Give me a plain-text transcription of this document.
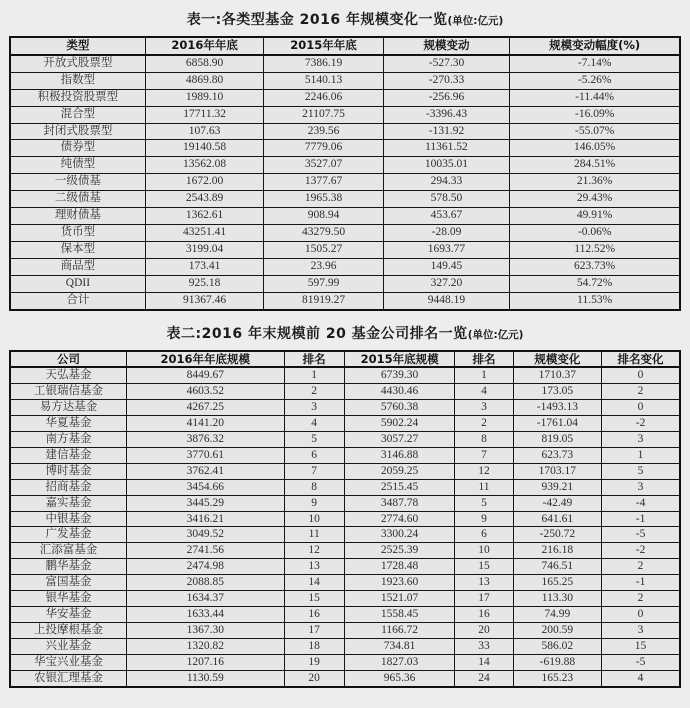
表一:各类型基金 2016 年规模变化一览(单位:亿元)
类型	2016年年底	2015年年底	规模变动	规模变动幅度(%)
开放式股票型	6858.90	7386.19	-527.30	-7.14%
指数型	4869.80	5140.13	-270.33	-5.26%
积极投资股票型	1989.10	2246.06	-256.96	-11.44%
混合型	17711.32	21107.75	-3396.43	-16.09%
封闭式股票型	107.63	239.56	-131.92	-55.07%
债券型	19140.58	7779.06	11361.52	146.05%
纯债型	13562.08	3527.07	10035.01	284.51%
一级债基	1672.00	1377.67	294.33	21.36%
二级债基	2543.89	1965.38	578.50	29.43%
理财债基	1362.61	908.94	453.67	49.91%
货币型	43251.41	43279.50	-28.09	-0.06%
保本型	3199.04	1505.27	1693.77	112.52%
商品型	173.41	23.96	149.45	623.73%
QDII	925.18	597.99	327.20	54.72%
合计	91367.46	81919.27	9448.19	11.53%
表二:2016 年末规模前 20 基金公司排名一览(单位:亿元)
公司	2016年年底规模	排名	2015年底规模	排名	规模变化	排名变化
天弘基金	8449.67	1	6739.30	1	1710.37	0
工银瑞信基金	4603.52	2	4430.46	4	173.05	2
易方达基金	4267.25	3	5760.38	3	-1493.13	0
华夏基金	4141.20	4	5902.24	2	-1761.04	-2
南方基金	3876.32	5	3057.27	8	819.05	3
建信基金	3770.61	6	3146.88	7	623.73	1
博时基金	3762.41	7	2059.25	12	1703.17	5
招商基金	3454.66	8	2515.45	11	939.21	3
嘉实基金	3445.29	9	3487.78	5	-42.49	-4
中银基金	3416.21	10	2774.60	9	641.61	-1
广发基金	3049.52	11	3300.24	6	-250.72	-5
汇添富基金	2741.56	12	2525.39	10	216.18	-2
鹏华基金	2474.98	13	1728.48	15	746.51	2
富国基金	2088.85	14	1923.60	13	165.25	-1
银华基金	1634.37	15	1521.07	17	113.30	2
华安基金	1633.44	16	1558.45	16	74.99	0
上投摩根基金	1367.30	17	1166.72	20	200.59	3
兴业基金	1320.82	18	734.81	33	586.02	15
华宝兴业基金	1207.16	19	1827.03	14	-619.88	-5
农银汇理基金	1130.59	20	965.36	24	165.23	4
